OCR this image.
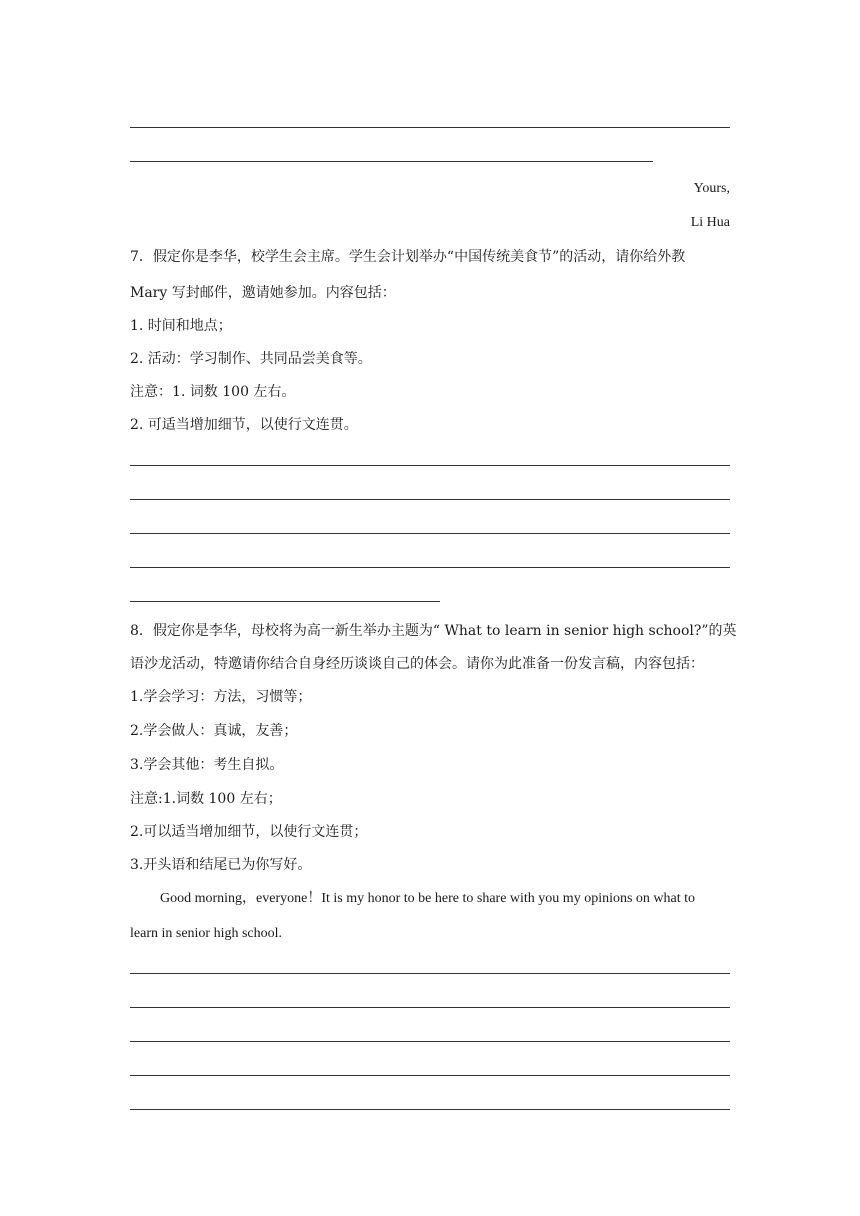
Yours,
Li Hua
7．假定你是李华，校学生会主席。学生会计划举办“中国传统美食节”的活动，请你给外教
Mary 写封邮件，邀请她参加。内容包括：
1. 时间和地点；
2. 活动：学习制作、共同品尝美食等。
注意：1. 词数 100 左右。
2. 可适当增加细节，以使行文连贯。
8．假定你是李华，母校将为高一新生举办主题为“ What to learn in senior high school?”的英
语沙龙活动，特邀请你结合自身经历谈谈自己的体会。请你为此准备一份发言稿，内容包括：
1.学会学习：方法，习惯等；
2.学会做人：真诚，友善；
3.学会其他：考生自拟。
注意:1.词数 100 左右；
2.可以适当增加细节，以使行文连贯；
3.开头语和结尾已为你写好。
Good morning，everyone！It is my honor to be here to share with you my opinions on what to
learn in senior high school.
